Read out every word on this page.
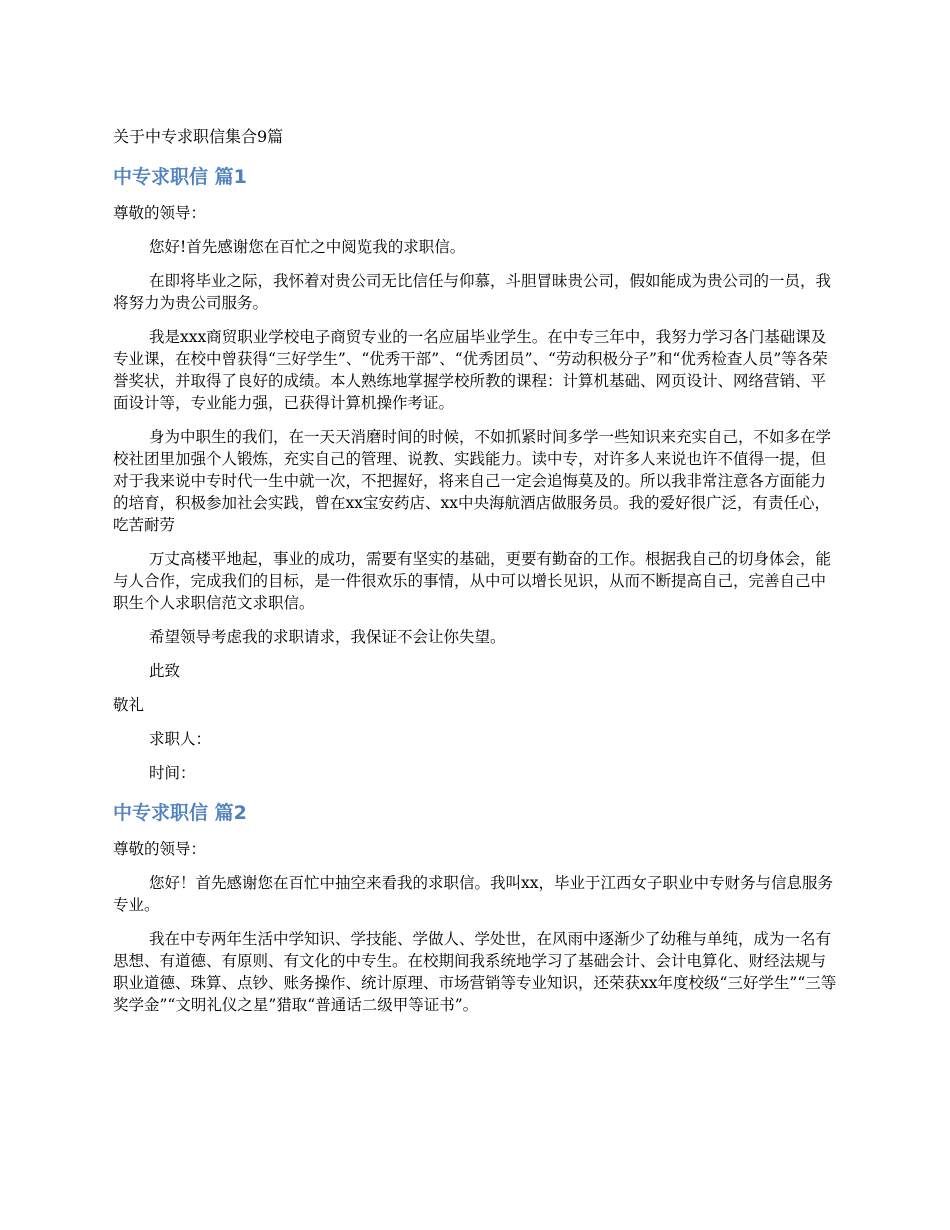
关于中专求职信集合9篇
中专求职信 篇1
尊敬的领导：
您好!首先感谢您在百忙之中阅览我的求职信。
在即将毕业之际，我怀着对贵公司无比信任与仰慕，斗胆冒昧贵公司，假如能成为贵公司的一员，我将努力为贵公司服务。
我是xxx商贸职业学校电子商贸专业的一名应届毕业学生。在中专三年中，我努力学习各门基础课及专业课，在校中曾获得“三好学生”、“优秀干部”、“优秀团员”、“劳动积极分子”和“优秀检查人员”等各荣誉奖状，并取得了良好的成绩。本人熟练地掌握学校所教的课程：计算机基础、网页设计、网络营销、平面设计等，专业能力强，已获得计算机操作考证。
身为中职生的我们，在一天天消磨时间的时候，不如抓紧时间多学一些知识来充实自己，不如多在学校社团里加强个人锻炼，充实自己的管理、说教、实践能力。读中专，对许多人来说也许不值得一提，但对于我来说中专时代一生中就一次，不把握好，将来自己一定会追悔莫及的。所以我非常注意各方面能力的培育，积极参加社会实践，曾在xx宝安药店、xx中央海航酒店做服务员。我的爱好很广泛，有责任心，吃苦耐劳
万丈高楼平地起，事业的成功，需要有坚实的基础，更要有勤奋的工作。根据我自己的切身体会，能与人合作，完成我们的目标，是一件很欢乐的事情，从中可以增长见识，从而不断提高自己，完善自己中职生个人求职信范文求职信。
希望领导考虑我的求职请求，我保证不会让你失望。
此致
敬礼
求职人：
时间：
中专求职信 篇2
尊敬的领导：
您好！首先感谢您在百忙中抽空来看我的求职信。我叫xx，毕业于江西女子职业中专财务与信息服务专业。
我在中专两年生活中学知识、学技能、学做人、学处世，在风雨中逐渐少了幼稚与单纯，成为一名有思想、有道德、有原则、有文化的中专生。在校期间我系统地学习了基础会计、会计电算化、财经法规与职业道德、珠算、点钞、账务操作、统计原理、市场营销等专业知识，还荣获xx年度校级“三好学生”“三等奖学金”“文明礼仪之星”猎取“普通话二级甲等证书”。
